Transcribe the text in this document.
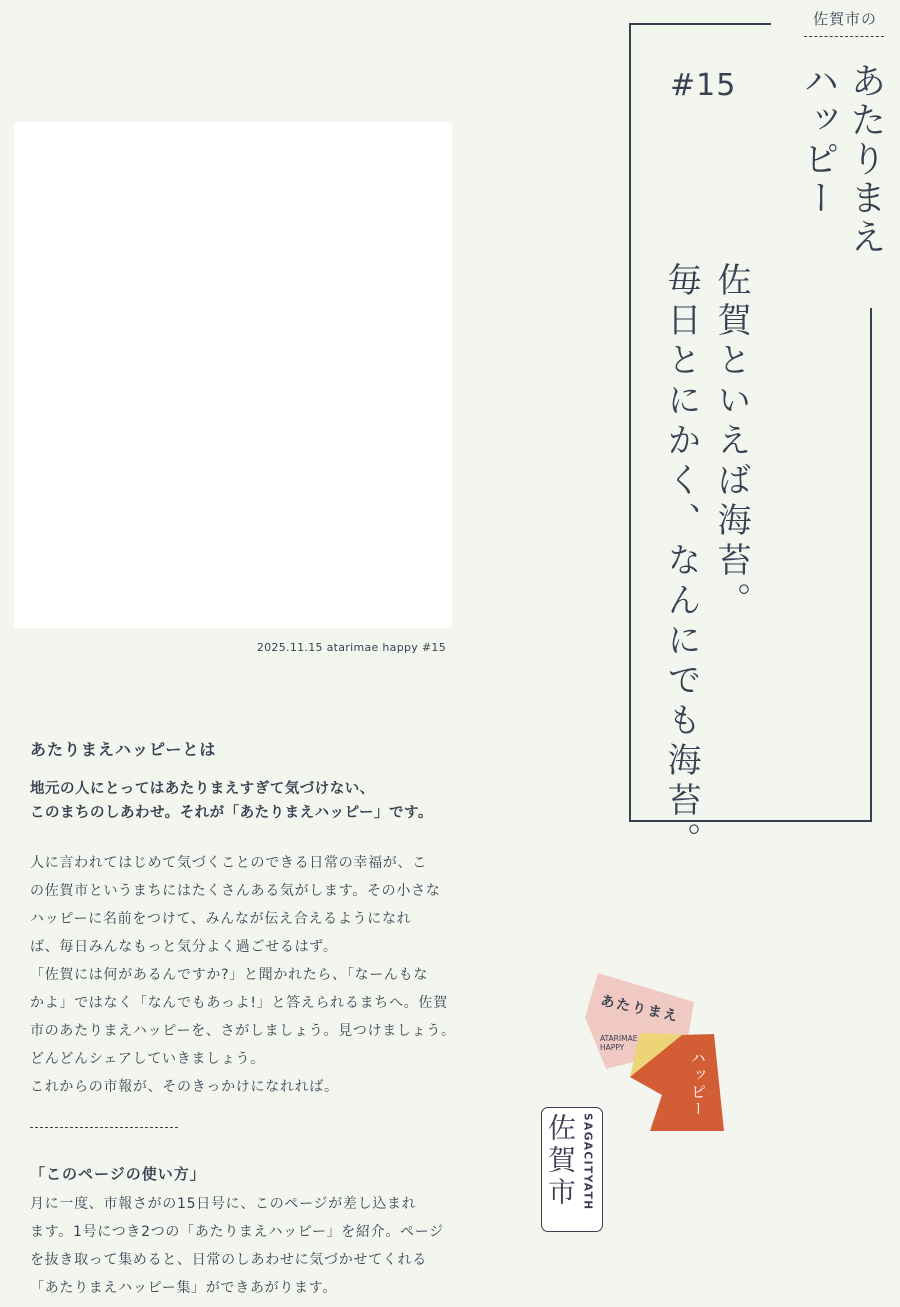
佐賀市の
あたりまえ
ハッピー
#15
佐賀といえば海苔。
毎日とにかく、なんにでも海苔。
2025.11.15 atarimae happy #15
あたりまえハッピーとは
地元の人にとってはあたりまえすぎて気づけない、
このまちのしあわせ。それが「あたりまえハッピー」です。
人に言われてはじめて気づくことのできる日常の幸福が、こ
の佐賀市というまちにはたくさんある気がします。その小さな
ハッピーに名前をつけて、みんなが伝え合えるようになれ
ば、毎日みんなもっと気分よく過ごせるはず。
「佐賀には何があるんですか?」と聞かれたら、「なーんもな
かよ」ではなく「なんでもあっよ!」と答えられるまちへ。佐賀
市のあたりまえハッピーを、さがしましょう。見つけましょう。
どんどんシェアしていきましょう。
これからの市報が、そのきっかけになれれば。
「このページの使い方」
月に一度、市報さがの15日号に、このページが差し込まれ
ます。1号につき2つの「あたりまえハッピー」を紹介。ページ
を抜き取って集めると、日常のしあわせに気づかせてくれる
「あたりまえハッピー集」ができあがります。
あたりまえ
ATARIMAE HAPPY
ハッピー
佐賀市 SAGACITYATH
